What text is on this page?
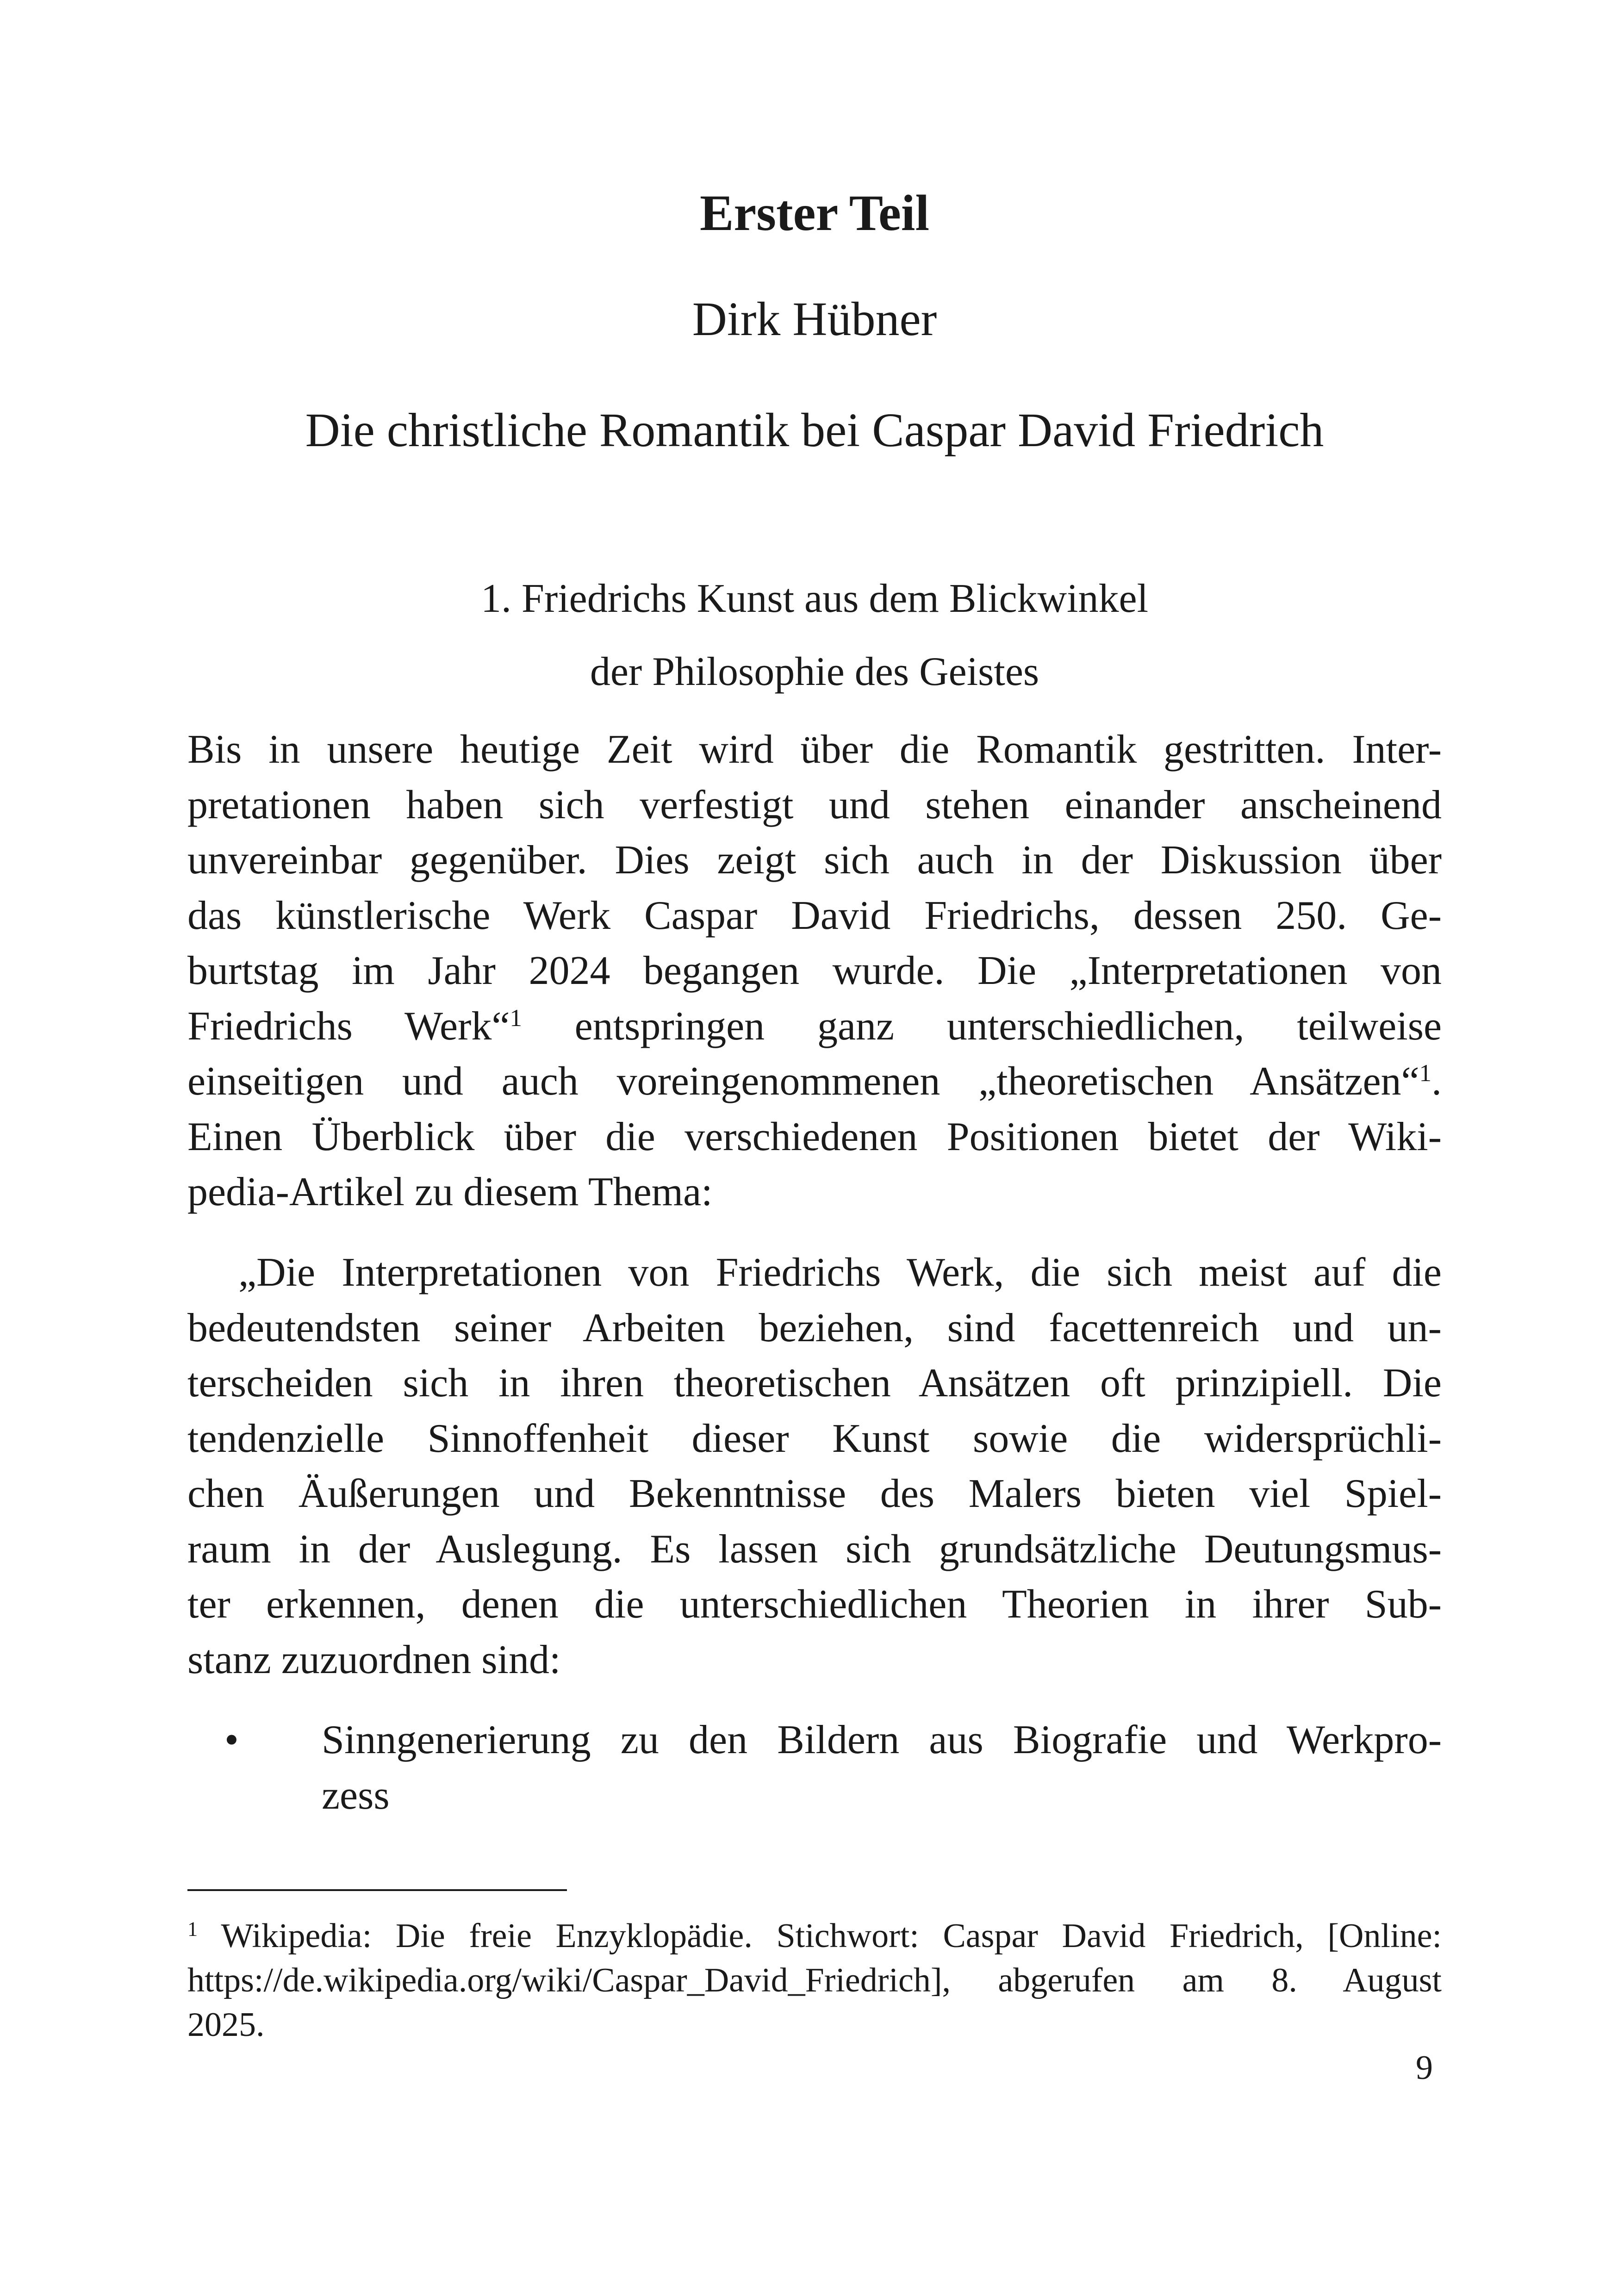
Erster Teil
Dirk Hübner
Die christliche Romantik bei Caspar David Friedrich
1. Friedrichs Kunst aus dem Blickwinkel
der Philosophie des Geistes
Bis in unsere heutige Zeit wird über die Romantik gestritten. Inter-
pretationen haben sich verfestigt und stehen einander anscheinend
unvereinbar gegenüber. Dies zeigt sich auch in der Diskussion über
das künstlerische Werk Caspar David Friedrichs, dessen 250. Ge-
burtstag im Jahr 2024 begangen wurde. Die „Interpretationen von
Friedrichs Werk“$^1$ entspringen ganz unterschiedlichen, teilweise
einseitigen und auch voreingenommenen „theoretischen Ansätzen“$^1$.
Einen Überblick über die verschiedenen Positionen bietet der Wiki-
pedia-Artikel zu diesem Thema:
„Die Interpretationen von Friedrichs Werk, die sich meist auf die
bedeutendsten seiner Arbeiten beziehen, sind facettenreich und un-
terscheiden sich in ihren theoretischen Ansätzen oft prinzipiell. Die
tendenzielle Sinnoffenheit dieser Kunst sowie die widersprüchli-
chen Äußerungen und Bekenntnisse des Malers bieten viel Spiel-
raum in der Auslegung. Es lassen sich grundsätzliche Deutungsmus-
ter erkennen, denen die unterschiedlichen Theorien in ihrer Sub-
stanz zuzuordnen sind:
• Sinngenerierung zu den Bildern aus Biografie und Werkpro-
zess
$^1$ Wikipedia: Die freie Enzyklopädie. Stichwort: Caspar David Friedrich, [Online:
https://de.wikipedia.org/wiki/Caspar_David_Friedrich], abgerufen am 8. August
2025.
9
